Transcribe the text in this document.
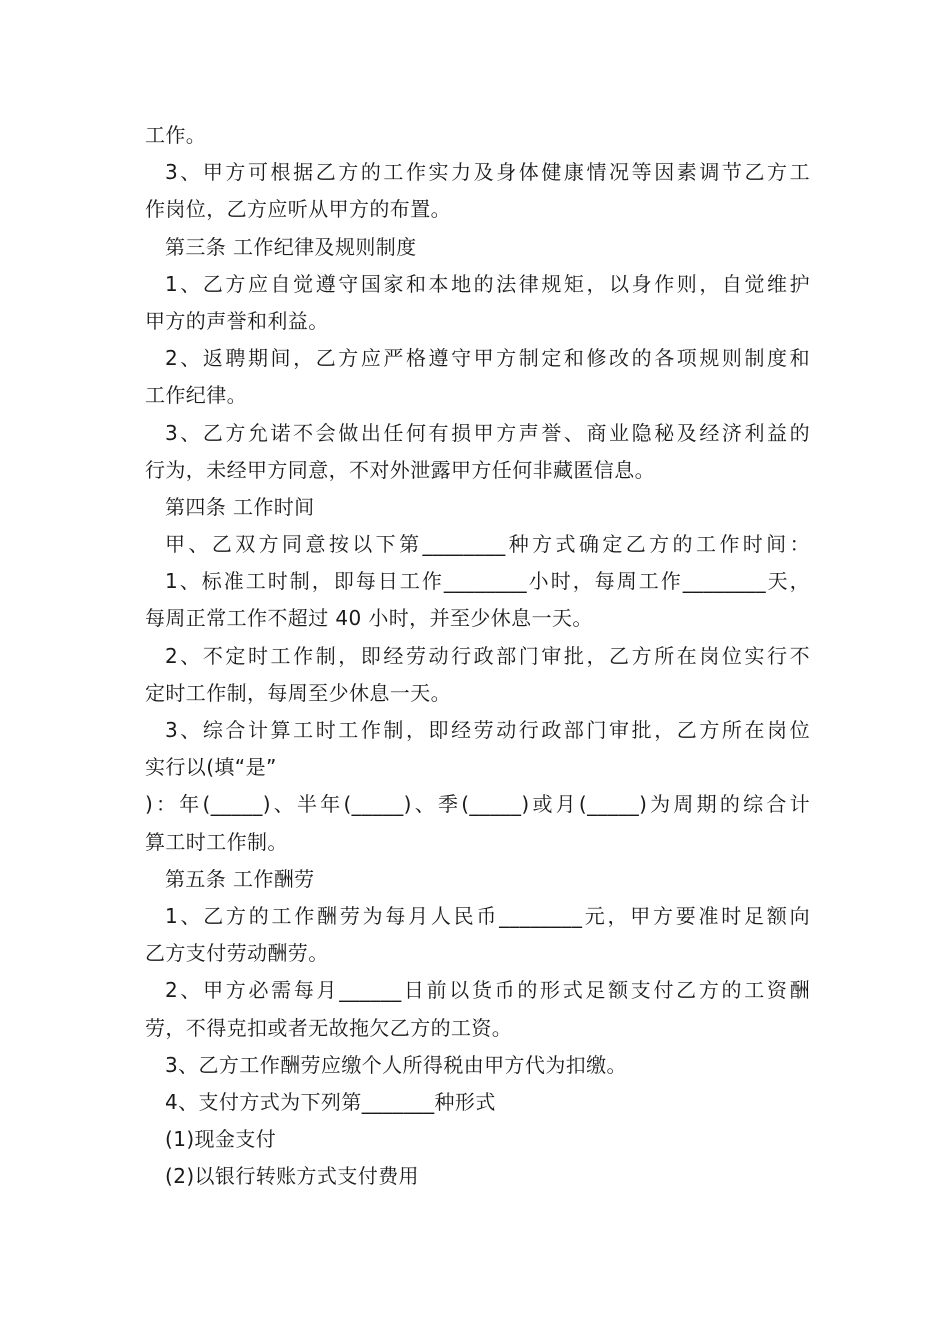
工作。
3、甲方可根据乙方的工作实力及身体健康情况等因素调节乙方工
作岗位，乙方应听从甲方的布置。
第三条 工作纪律及规则制度
1、乙方应自觉遵守国家和本地的法律规矩，以身作则，自觉维护
甲方的声誉和利益。
2、返聘期间，乙方应严格遵守甲方制定和修改的各项规则制度和
工作纪律。
3、乙方允诺不会做出任何有损甲方声誉、商业隐秘及经济利益的
行为，未经甲方同意，不对外泄露甲方任何非藏匿信息。
第四条 工作时间
甲、乙双方同意按以下第________种方式确定乙方的工作时间：
1、标准工时制，即每日工作________小时，每周工作________天，
每周正常工作不超过 40 小时，并至少休息一天。
2、不定时工作制，即经劳动行政部门审批，乙方所在岗位实行不
定时工作制，每周至少休息一天。
3、综合计算工时工作制，即经劳动行政部门审批，乙方所在岗位
实行以(填“是”
)：年(_____)、半年(_____)、季(_____)或月(_____)为周期的综合计
算工时工作制。
第五条 工作酬劳
1、乙方的工作酬劳为每月人民币________元，甲方要准时足额向
乙方支付劳动酬劳。
2、甲方必需每月______日前以货币的形式足额支付乙方的工资酬
劳，不得克扣或者无故拖欠乙方的工资。
3、乙方工作酬劳应缴个人所得税由甲方代为扣缴。
4、支付方式为下列第_______种形式
(1)现金支付
(2)以银行转账方式支付费用
